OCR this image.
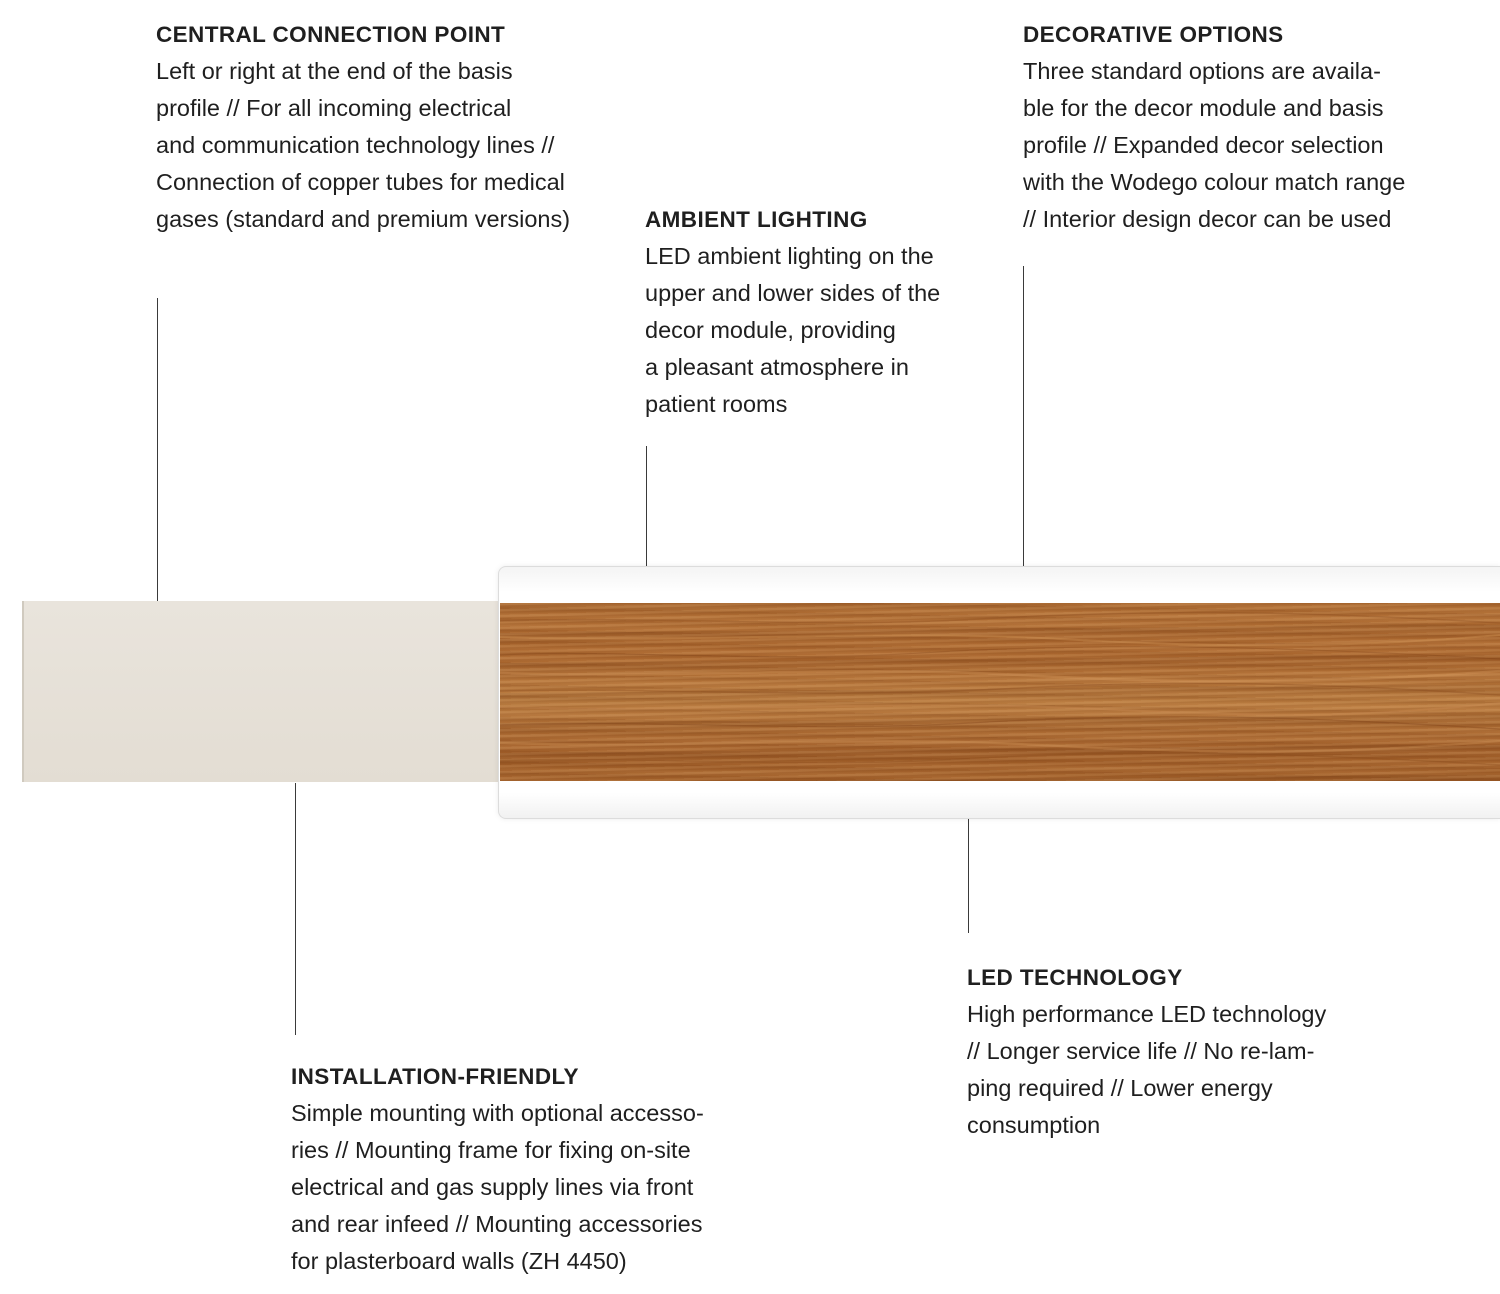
CENTRAL CONNECTION POINT
Left or right at the end of the basis
profile // For all incoming electrical
and communication technology lines //
Connection of copper tubes for medical
gases (standard and premium versions)
DECORATIVE OPTIONS
Three standard options are availa-
ble for the decor module and basis
profile // Expanded decor selection
with the Wodego colour match range
// Interior design decor can be used
AMBIENT LIGHTING
LED ambient lighting on the
upper and lower sides of the
decor module, providing
a pleasant atmosphere in
patient rooms
LED TECHNOLOGY
High performance LED technology
// Longer service life // No re-lam-
ping required // Lower energy
consumption
INSTALLATION-FRIENDLY
Simple mounting with optional accesso-
ries // Mounting frame for fixing on-site
electrical and gas supply lines via front
and rear infeed // Mounting accessories
for plasterboard walls (ZH 4450)
